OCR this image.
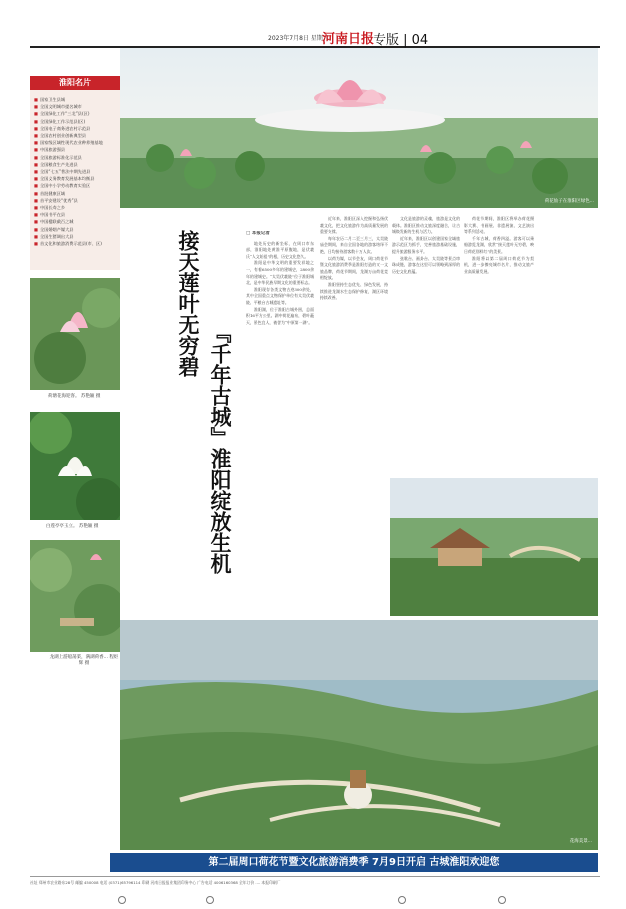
2023年7月8日 星期六
河南日报
专版 | 04
淮阳名片
■ 国家卫生县城
■ 全国文明城市提名城市
■ 全国绿化工作“三北”县(区)
■ 全国绿化工作示范县(区)
■ 全国电子商务进农村示范县
■ 全国农村创业创新典型县
■ 国家级区域性现代农业种养殖基地
■ 中国旅游强县
■ 全国旅游标准化示范县
■ 全国粮食生产先进县
■ 全国“七五”普法中期先进县
■ 全国义务教育发展基本均衡县
■ 全国中小学劳动教育实验区
■ 首批健康区域
■ 首平安建设“优秀”县
■ 中国长寿之乡
■ 中国书平在县
■ 中国楹联截百之城
■ 全国婚姻产媒大县
■ 全国生猪调出大县
■ 首文化和旅游消费示范县(市、区)
荷花仙子在淮阳区绿色...
荷塘花海迎客。 苏艳颖 摄
白莲亭亭玉立。 苏艳颖 摄
龙湖上游船荡桨，满湖荷香... 程炬辉 摄
接天莲叶无穷碧
『千年古城』淮阳绽放生机
□ 本报记者

地处历史的新坐标，在周口市东部，淮阳地处黄淮平原腹地，是伏羲氏“人文始祖”的根，历史文化悠久。

淮阳是中华文明的重要发祥地之一，有着6500多年的建城史，2800余年的建城史。“太昊伏羲陵”位于淮阳城北，是中华民族早期文化的重要标志。

淮阳现存各类文物古迹300余处，其中全国重点文物保护单位有太昊伏羲陵、平粮台古城遗址等。

淮阳湖，位于淮阳古城外围，总面积16平方公里。湖中荷花遍布，碧叶蔽天，景色宜人，被誉为“中原第一湖”。

近年来，淮阳区深入挖掘和弘扬伏羲文化，把文化旅游作为高质量发展的重要支撑。

每年农历二月二至三月三，太昊陵庙会期间，来自全国各地的游客络绎不绝，日均接待游客数十万人次。

以荷为媒，以节会友，周口荷花节暨文化旅游消费季是淮阳打造的又一文旅品牌，荷花节期间，龙湖万亩荷花竞相绽放。

淮阳坚持生态优先、绿色发展，持续推进龙湖水生态保护修复，湖区环境持续改善。

文化是旅游的灵魂，旅游是文化的载体。淮阳区推动文旅深度融合，让古城焕发新的生机与活力。

近年来，淮阳区以创建国家全域旅游示范区为抓手，完善旅游基础设施，提升旅游服务水平。

弦歌台、画卦台、太昊陵等景点串珠成链，游客在这里可以领略到深厚的历史文化底蕴。

荷花节期间，淮阳区将举办荷花摄影大赛、书画展、非遗展演、文艺演出等系列活动。

千年古城，荷香四溢。游客可以乘船游览龙湖，欣赏“接天莲叶无穷碧，映日荷花别样红”的美景。

淮阳将以第二届周口荷花节为契机，进一步擦亮城市名片，推动文旅产业高质量发展。

花海美景...
第二届周口荷花节暨文化旅游消费季 7月9日开启 古城淮阳欢迎您
社址 郑州市农业路东28号 邮编 450008 电话 (0371)65796114 印刷 河南日报报业集团印务中心 广告电话 4006160368 全年订价 .... 本报印刷厂
